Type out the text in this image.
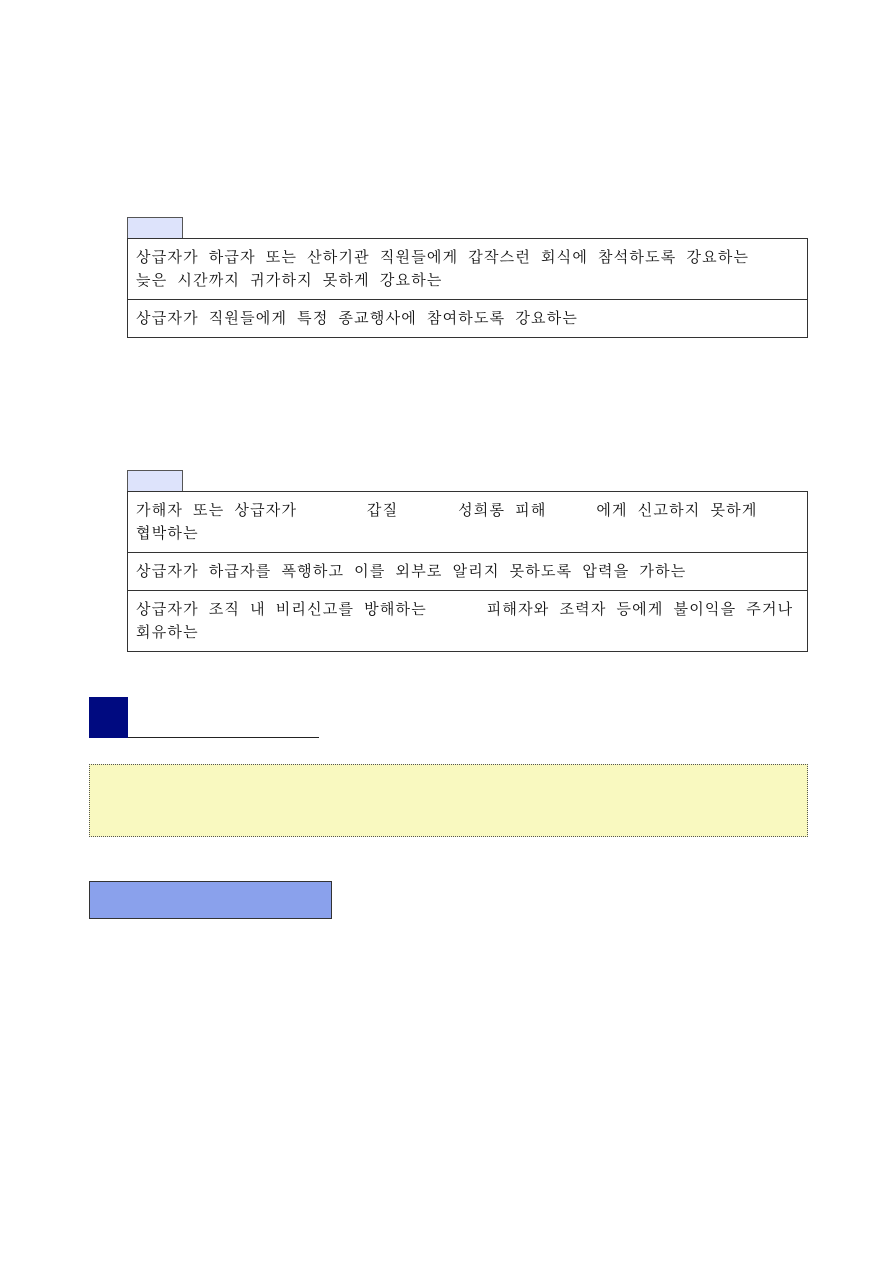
상급자가 하급자 또는 산하기관 직원들에게 갑작스런 회식에 참석하도록 강요하는
늦은 시간까지 귀가하지 못하게 강요하는
상급자가 직원들에게 특정 종교행사에 참여하도록 강요하는
가해자 또는 상급자가       갑질      성희롱 피해     에게 신고하지 못하게
협박하는
상급자가 하급자를 폭행하고 이를 외부로 알리지 못하도록 압력을 가하는
상급자가 조직 내 비리신고를 방해하는      피해자와 조력자 등에게 불이익을 주거나
회유하는
